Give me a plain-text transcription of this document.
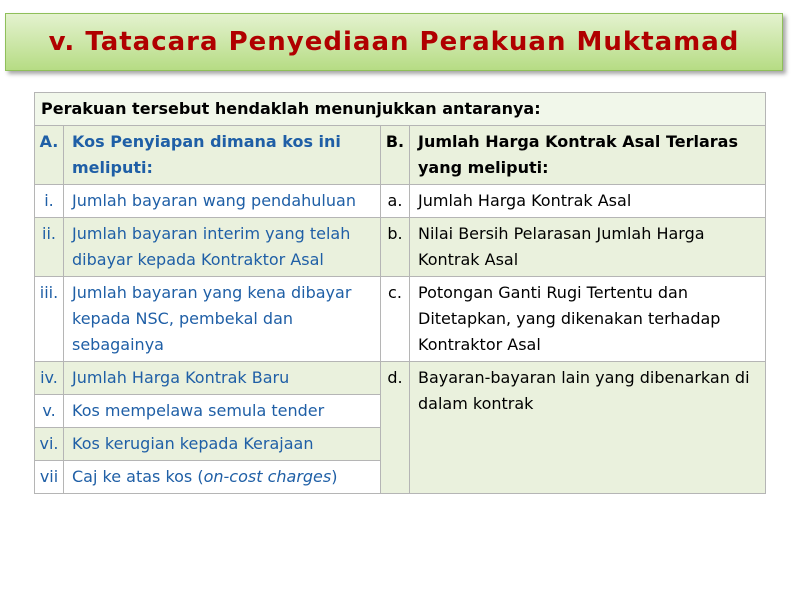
v. Tatacara Penyediaan Perakuan Muktamad
Perakuan tersebut hendaklah menunjukkan antaranya:			
A.	Kos Penyiapan dimana kos ini meliputi:	B.	Jumlah Harga Kontrak Asal Terlaras yang meliputi:
i.	Jumlah bayaran wang pendahuluan	a.	Jumlah Harga Kontrak Asal
ii.	Jumlah bayaran interim yang telah dibayar kepada Kontraktor Asal	b.	Nilai Bersih Pelarasan Jumlah Harga Kontrak Asal
iii.	Jumlah bayaran yang kena dibayar kepada NSC, pembekal dan sebagainya	c.	Potongan Ganti Rugi Tertentu dan Ditetapkan, yang dikenakan terhadap Kontraktor Asal
iv.	Jumlah Harga Kontrak Baru	d.	Bayaran-bayaran lain yang dibenarkan di dalam kontrak
v.	Kos mempelawa semula tender		
vi.	Kos kerugian kepada Kerajaan		
vii	Caj ke atas kos (on-cost charges)		
